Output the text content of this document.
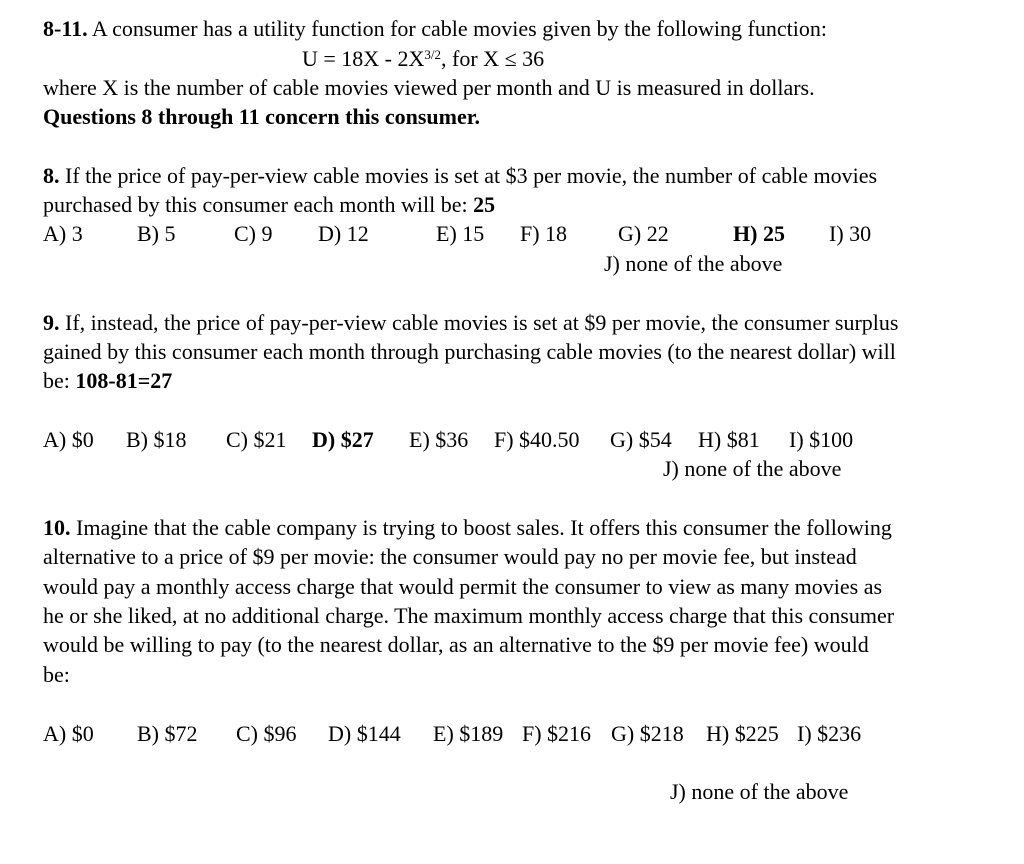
8-11. A consumer has a utility function for cable movies given by the following function:

$U = 18X - 2X^{3/2}$, for X ≤ 36

where X is the number of cable movies viewed per month and U is measured in dollars.

Questions 8 through 11 concern this consumer.

8. If the price of pay-per-view cable movies is set at $3 per movie, the number of cable movies

purchased by this consumer each month will be: 25

A) 3 B) 5	C) 9 D) 12	E) 15 F) 18 G) 22	H) 25 I) 30
J) none of the above

9. If, instead, the price of pay-per-view cable movies is set at $9 per movie, the consumer surplus

gained by this consumer each month through purchasing cable movies (to the nearest dollar) will

be: 108-81=27

A) $0 B) $18 C) $21 D) $27 E) $36 F) $40.50 G) $54 H) $81 I) $100
J) none of the above

10. Imagine that the cable company is trying to boost sales. It offers this consumer the following

alternative to a price of $9 per movie: the consumer would pay no per movie fee, but instead

would pay a monthly access charge that would permit the consumer to view as many movies as

he or she liked, at no additional charge. The maximum monthly access charge that this consumer

would be willing to pay (to the nearest dollar, as an alternative to the $9 per movie fee) would

be:

A) $0 B) $72 C) $96 D) $144 E) $189 F) $216 G) $218 H) $225 I) $236
J) none of the above
